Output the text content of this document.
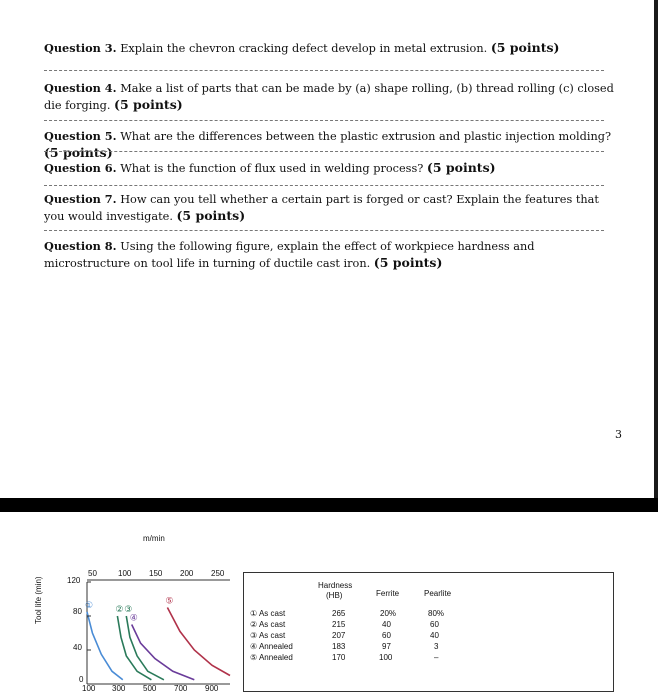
Question 3. Explain the chevron cracking defect develop in metal extrusion. (5 points)
Question 4. Make a list of parts that can be made by (a) shape rolling, (b) thread rolling (c) closed die forging. (5 points)
Question 5. What are the differences between the plastic extrusion and plastic injection molding? (5 points)
Question 6. What is the function of flux used in welding process? (5 points)
Question 7. How can you tell whether a certain part is forged or cast? Explain the features that you would investigate. (5 points)
Question 8. Using the following figure, explain the effect of workpiece hardness and microstructure on tool life in turning of ductile cast iron. (5 points)
3
m/min
50	100 150 200 250
120
80
40
0
100 300 500 700 900
Tool life (min)	① ② ③
④
⑤
Hardness
(HB)	Ferrite	Pearlite
① As cast	265	20%	80%
② As cast	215	40	60
③ As cast	207	60	40
④ Annealed	183	97	3
⑤ Annealed	170	100	–
